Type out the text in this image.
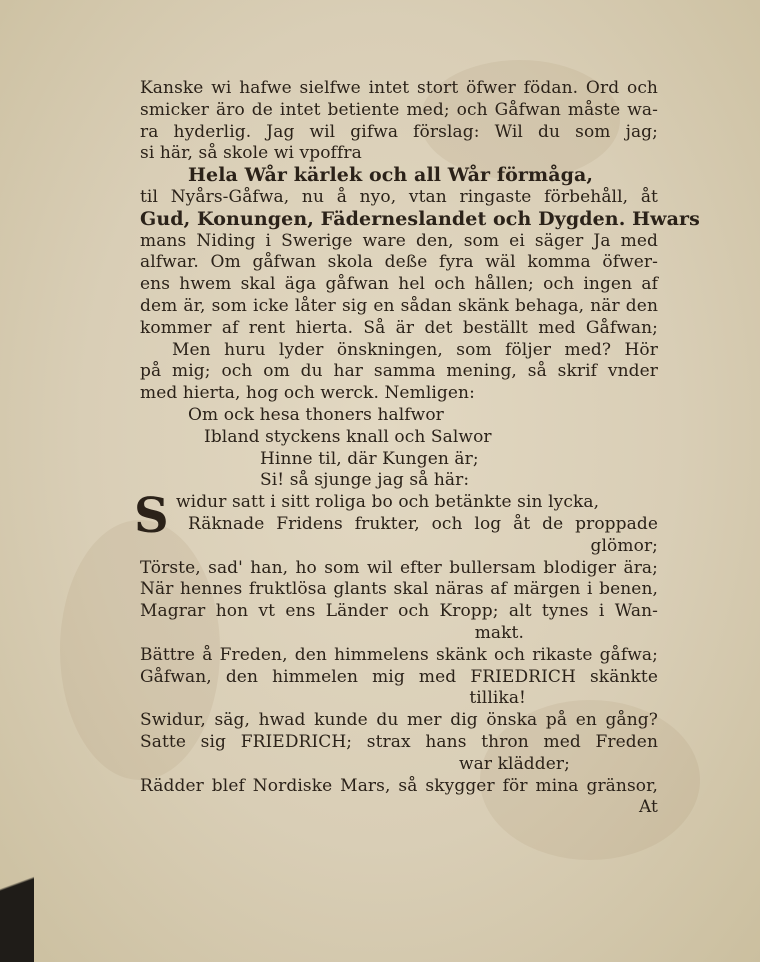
Kanske wi hafwe sielfwe intet stort öfwer födan. Ord och
smicker äro de intet betiente med; och Gåfwan måste wa-
ra hyderlig. Jag wil gifwa förslag: Wil du som jag;
si här, så skole wi vpoffra
Hela Wår kärlek och all Wår förmåga,
til Nyårs-Gåfwa, nu å nyo, vtan ringaste förbehåll, åt
Gud, Konungen, Fäderneslandet och Dygden. Hwars
mans Niding i Swerige ware den, som ei säger Ja med
alfwar. Om gåfwan skola deße fyra wäl komma öfwer-
ens hwem skal äga gåfwan hel och hållen; och ingen af
dem är, som icke låter sig en sådan skänk behaga, när den
kommer af rent hierta. Så är det beställt med Gåfwan;
Men huru lyder önskningen, som följer med? Hör
på mig; och om du har samma mening, så skrif vnder
med hierta, hog och werck. Nemligen:
Om ock hesa thoners halfwor
Ibland styckens knall och Salwor
Hinne til, där Kungen är;
Si! så sjunge jag så här:
S widur satt i sitt roliga bo och betänkte sin lycka,
Räknade Fridens frukter, och log åt de proppade
glömor;
Törste, sad' han, ho som wil efter bullersam blodiger ära;
När hennes fruktlösa glants skal näras af märgen i benen,
Magrar hon vt ens Länder och Kropp; alt tynes i Wan-
makt.
Bättre å Freden, den himmelens skänk och rikaste gåfwa;
Gåfwan, den himmelen mig med FRIEDRICH skänkte
tillika!
Swidur, säg, hwad kunde du mer dig önska på en gång?
Satte sig FRIEDRICH; strax hans thron med Freden
war klädder;
Rädder blef Nordiske Mars, så skygger för mina gränsor,
At
